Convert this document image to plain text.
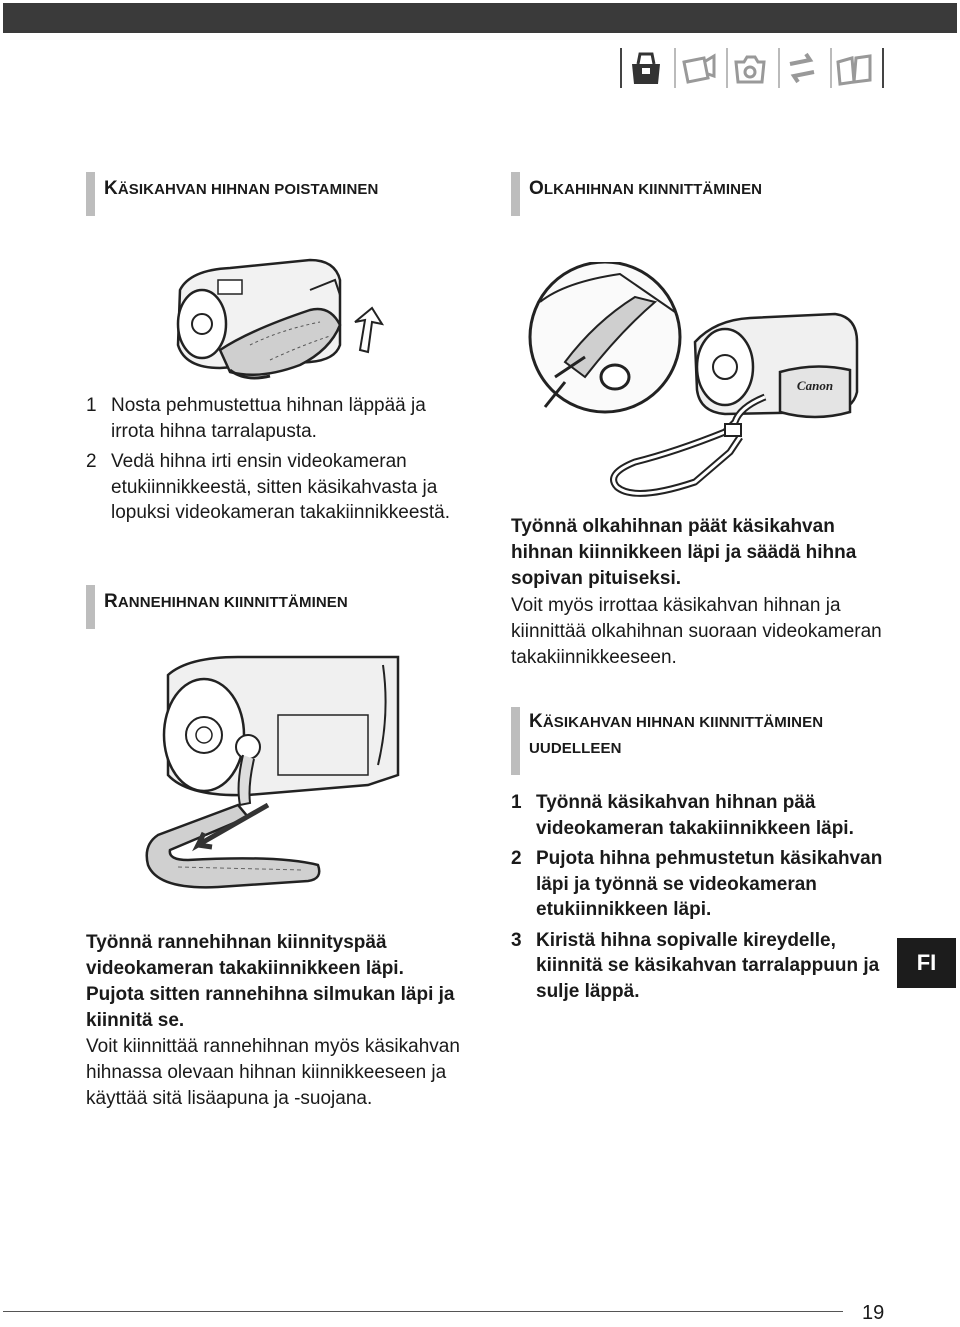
KÄSIKAHVAN HIHNAN POISTAMINEN
1 Nosta pehmustettua hihnan läppää ja irrota hihna tarralapusta.
2 Vedä hihna irti ensin videokameran etukiinnikkeestä, sitten käsikahvasta ja lopuksi videokameran takakiinnikkeestä.
RANNEHIHNAN KIINNITTÄMINEN
Työnnä rannehihnan kiinnityspää videokameran takakiinnikkeen läpi. Pujota sitten rannehihna silmukan läpi ja kiinnitä se.
Voit kiinnittää rannehihnan myös käsikahvan hihnassa olevaan hihnan kiinnikkeeseen ja käyttää sitä lisäapuna ja -suojana.
OLKAHIHNAN KIINNITTÄMINEN
Canon
Työnnä olkahihnan päät käsikahvan hihnan kiinnikkeen läpi ja säädä hihna sopivan pituiseksi.
Voit myös irrottaa käsikahvan hihnan ja kiinnittää olkahihnan suoraan videokameran takakiinnikkeeseen.
KÄSIKAHVAN HIHNAN KIINNITTÄMINEN
UUDELLEEN
1 Työnnä käsikahvan hihnan pää videokameran takakiinnikkeen läpi.
2 Pujota hihna pehmustetun käsikahvan läpi ja työnnä se videokameran etukiinnikkeen läpi.
3 Kiristä hihna sopivalle kireydelle, kiinnitä se käsikahvan tarralappuun ja sulje läppä.
FI
19
